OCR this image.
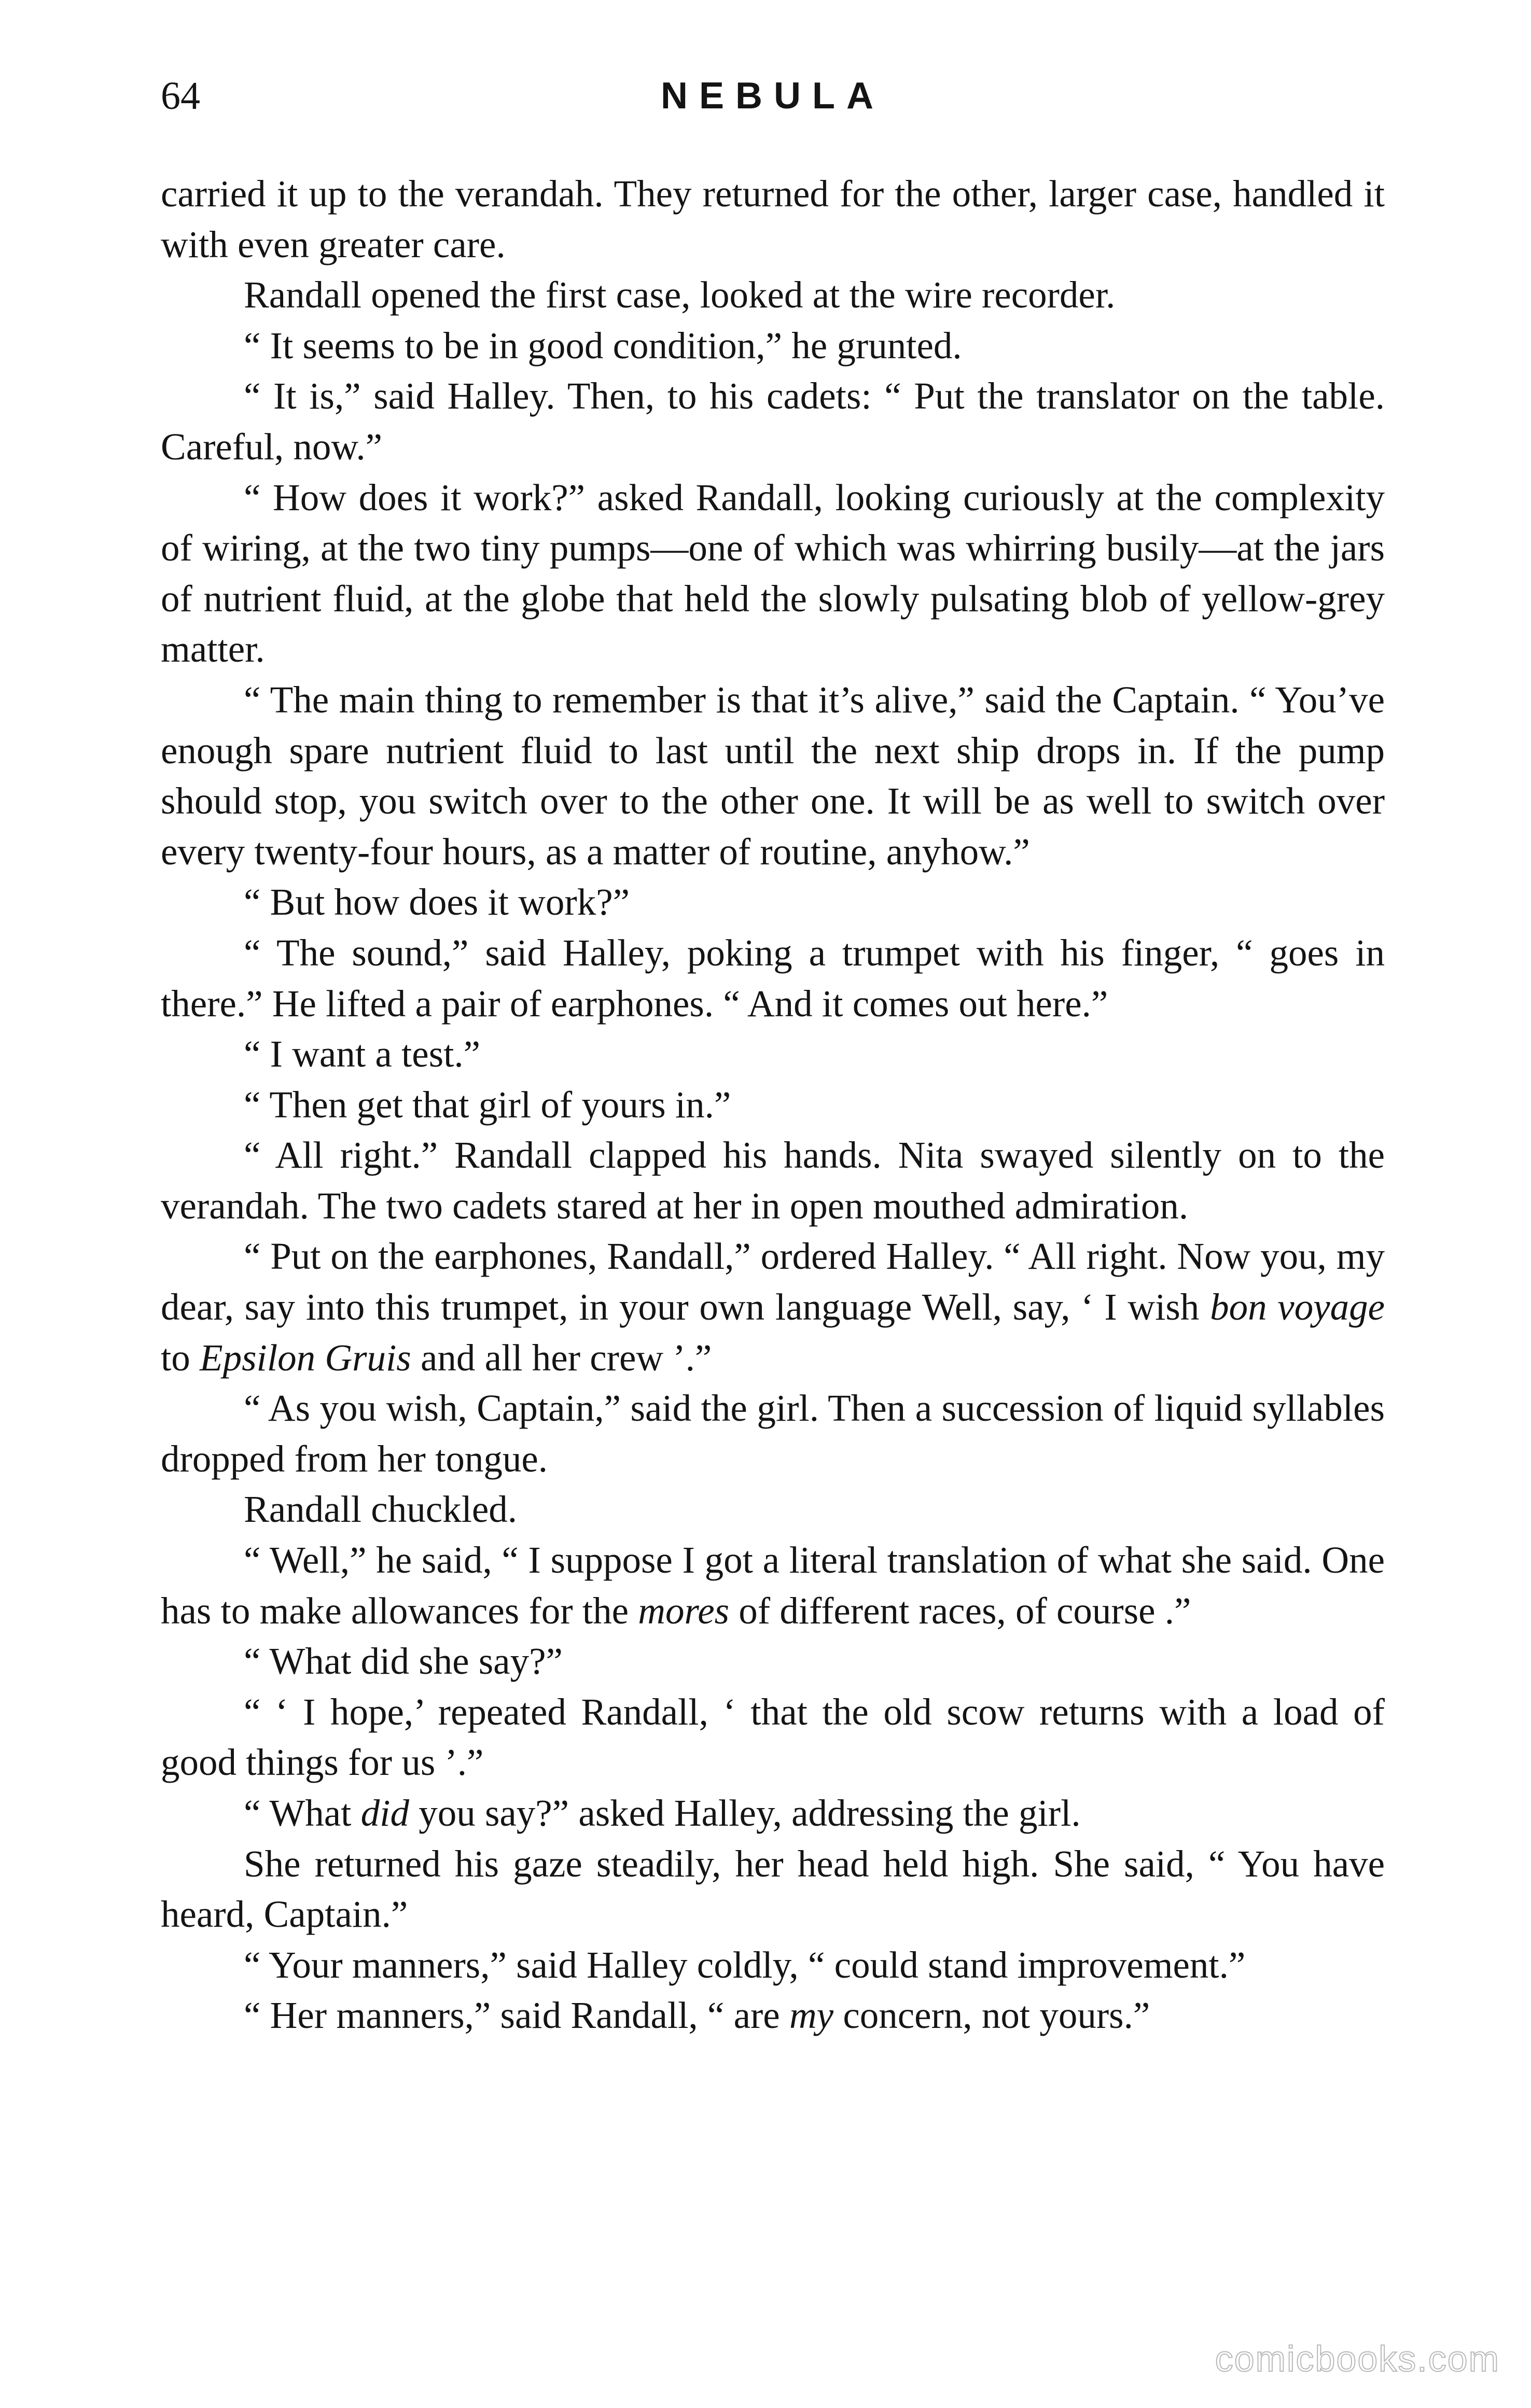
64	NEBULA

carried it up to the verandah. They returned for the other, larger case, handled it with even greater care.

Randall opened the first case, looked at the wire recorder.

“ It seems to be in good condition,” he grunted.

“ It is,” said Halley. Then, to his cadets: “ Put the translator on the table. Careful, now.”

“ How does it work?” asked Randall, looking curiously at the complexity of wiring, at the two tiny pumps—one of which was whirring busily—at the jars of nutrient fluid, at the globe that held the slowly pulsating blob of yellow-grey matter.

“ The main thing to remember is that it’s alive,” said the Captain. “ You’ve enough spare nutrient fluid to last until the next ship drops in. If the pump should stop, you switch over to the other one. It will be as well to switch over every twenty-four hours, as a matter of routine, anyhow.”

“ But how does it work?”

“ The sound,” said Halley, poking a trumpet with his finger, “ goes in there.” He lifted a pair of earphones. “ And it comes out here.”

“ I want a test.”

“ Then get that girl of yours in.”

“ All right.” Randall clapped his hands. Nita swayed silently on to the verandah. The two cadets stared at her in open mouthed admiration.

“ Put on the earphones, Randall,” ordered Halley. “ All right. Now you, my dear, say into this trumpet, in your own language Well, say, ‘ I wish bon voyage to Epsilon Gruis and all her crew ’.”

“ As you wish, Captain,” said the girl. Then a succession of liquid syllables dropped from her tongue.

Randall chuckled.

“ Well,” he said, “ I suppose I got a literal translation of what she said. One has to make allowances for the mores of different races, of course .”

“ What did she say?”

“ ‘ I hope,’ repeated Randall, ‘ that the old scow returns with a load of good things for us ’.”

“ What did you say?” asked Halley, addressing the girl.

She returned his gaze steadily, her head held high. She said, “ You have heard, Captain.”

“ Your manners,” said Halley coldly, “ could stand improvement.”

“ Her manners,” said Randall, “ are my concern, not yours.”

comicbooks.com
